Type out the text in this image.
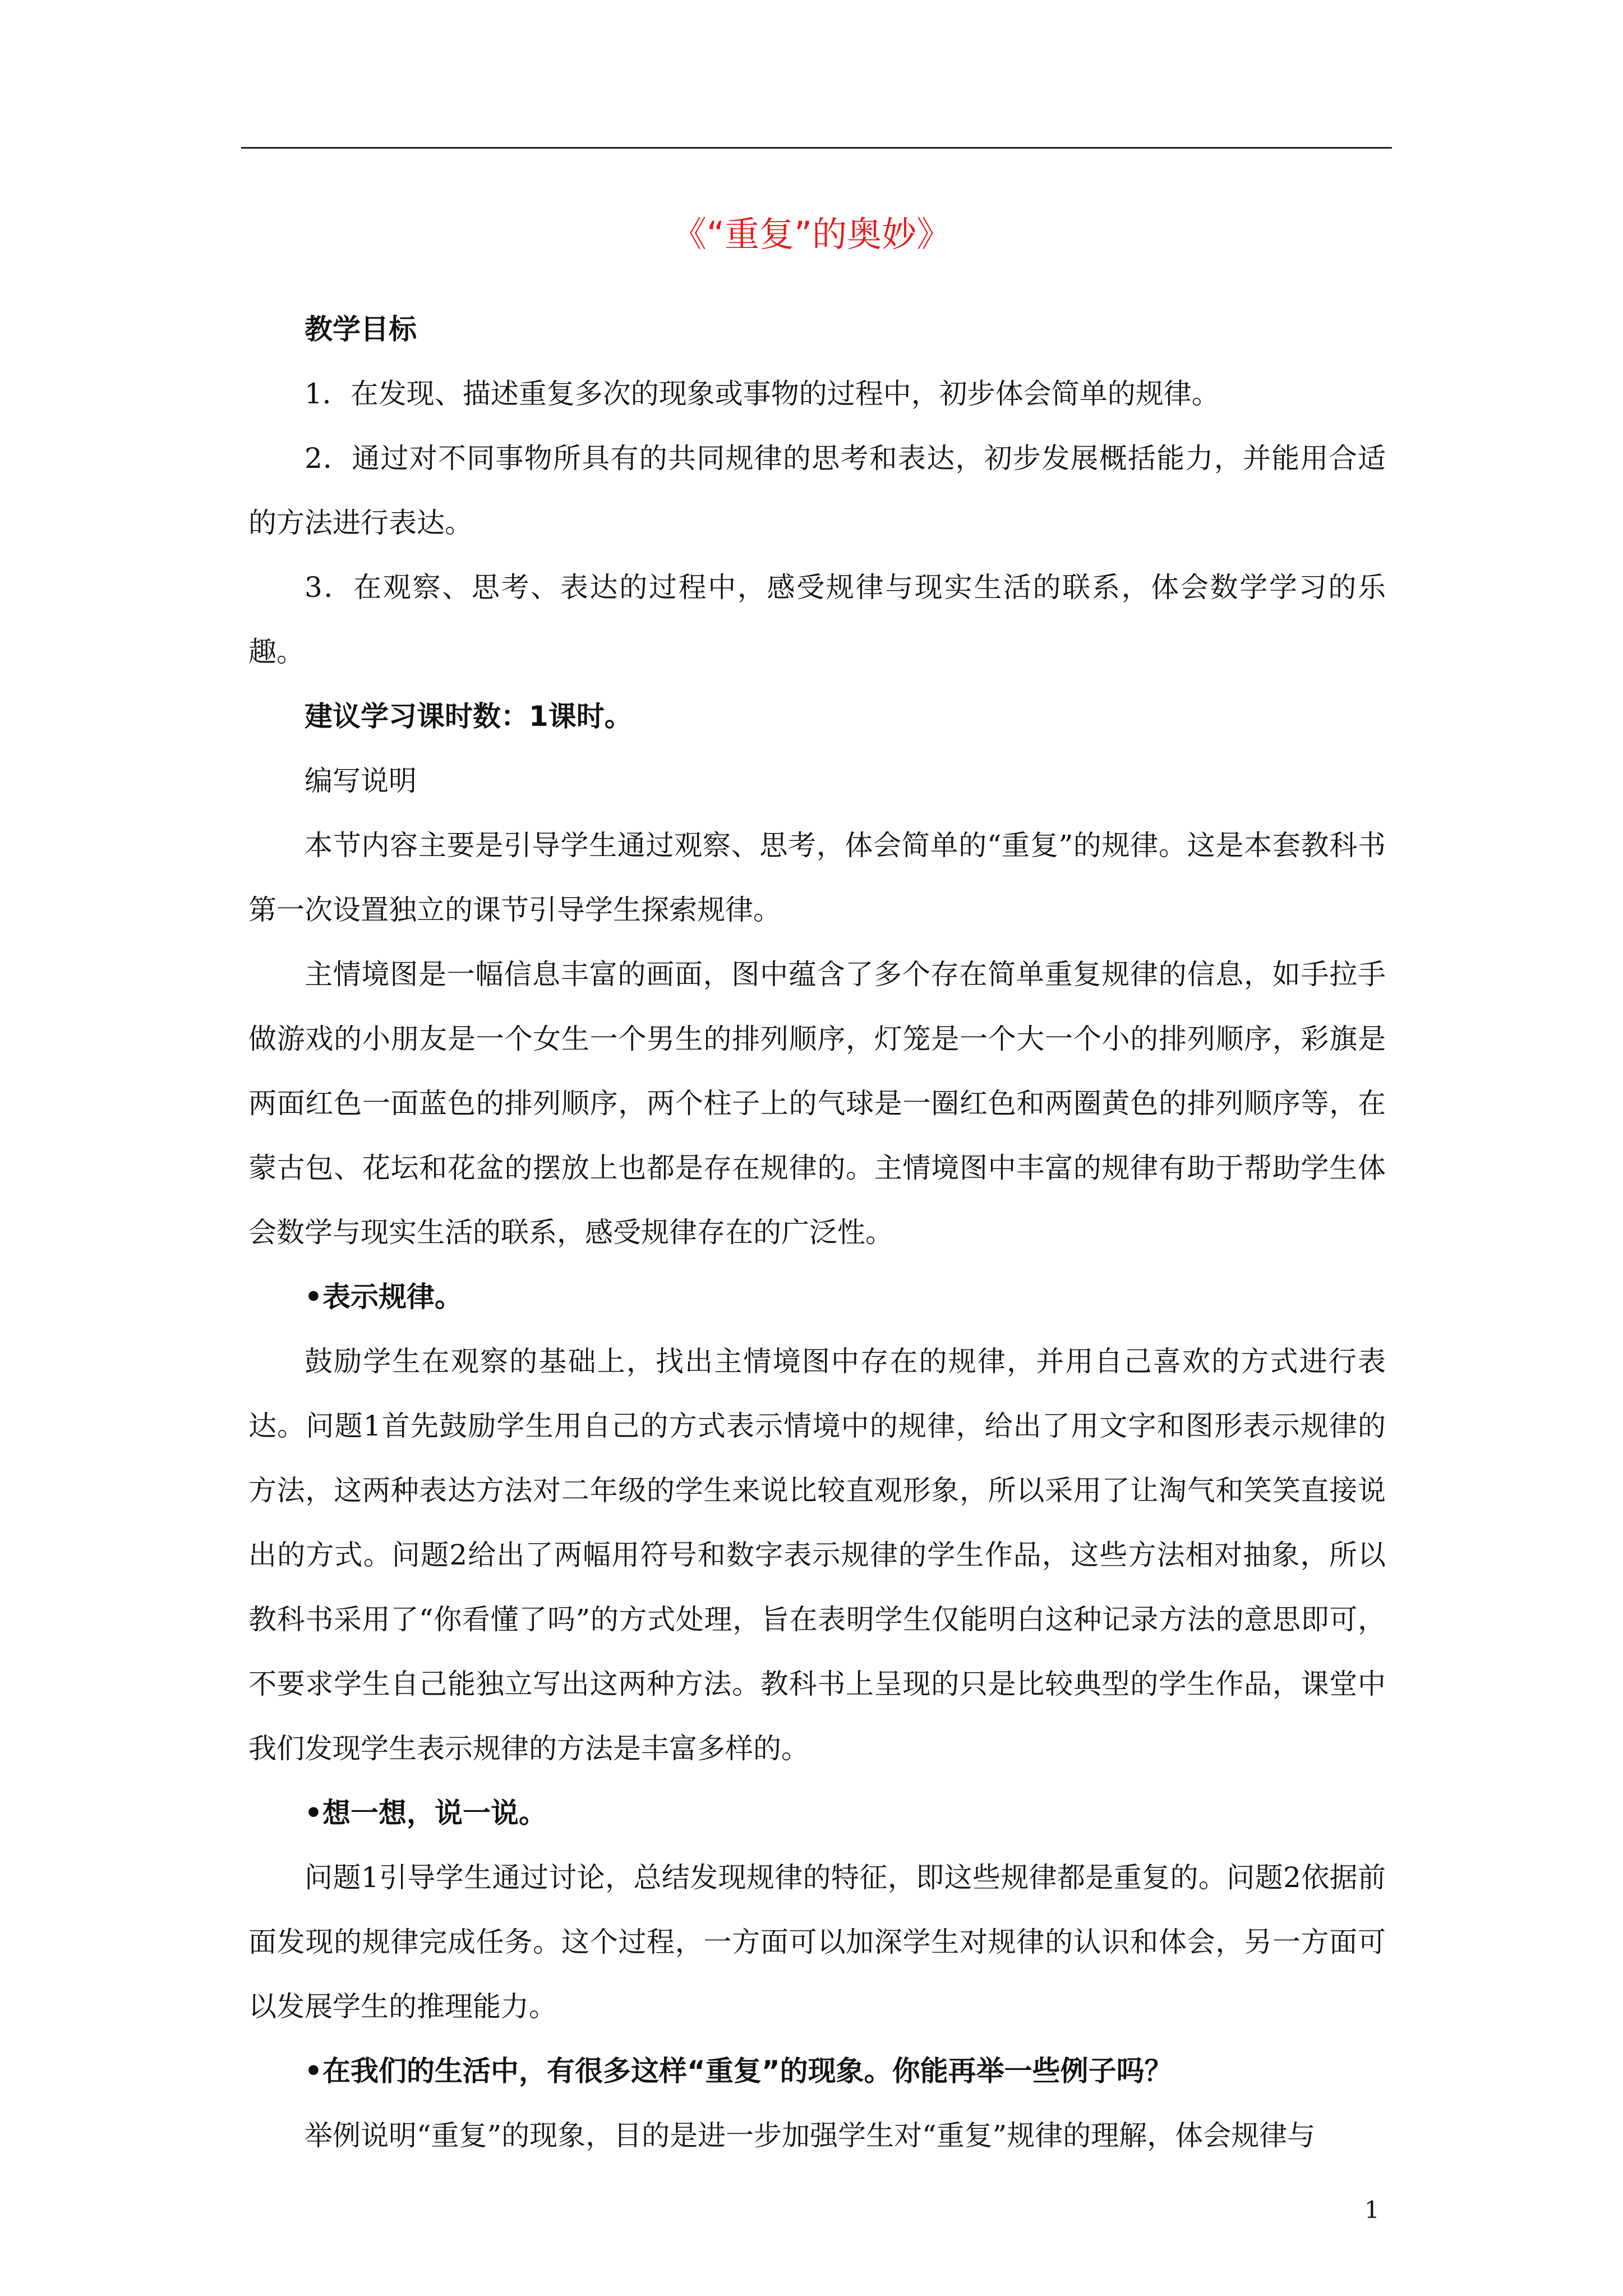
《“重复”的奥妙》

教学目标

1．在发现、描述重复多次的现象或事物的过程中，初步体会简单的规律。

2．通过对不同事物所具有的共同规律的思考和表达，初步发展概括能力，并能用合适的方法进行表达。

3．在观察、思考、表达的过程中，感受规律与现实生活的联系，体会数学学习的乐趣。

建议学习课时数：1课时。

编写说明

本节内容主要是引导学生通过观察、思考，体会简单的“重复”的规律。这是本套教科书第一次设置独立的课节引导学生探索规律。

主情境图是一幅信息丰富的画面，图中蕴含了多个存在简单重复规律的信息，如手拉手做游戏的小朋友是一个女生一个男生的排列顺序，灯笼是一个大一个小的排列顺序，彩旗是两面红色一面蓝色的排列顺序，两个柱子上的气球是一圈红色和两圈黄色的排列顺序等，在蒙古包、花坛和花盆的摆放上也都是存在规律的。主情境图中丰富的规律有助于帮助学生体会数学与现实生活的联系，感受规律存在的广泛性。

•表示规律。

鼓励学生在观察的基础上，找出主情境图中存在的规律，并用自己喜欢的方式进行表达。问题1首先鼓励学生用自己的方式表示情境中的规律，给出了用文字和图形表示规律的方法，这两种表达方法对二年级的学生来说比较直观形象，所以采用了让淘气和笑笑直接说出的方式。问题2给出了两幅用符号和数字表示规律的学生作品，这些方法相对抽象，所以教科书采用了“你看懂了吗”的方式处理，旨在表明学生仅能明白这种记录方法的意思即可，不要求学生自己能独立写出这两种方法。教科书上呈现的只是比较典型的学生作品，课堂中我们发现学生表示规律的方法是丰富多样的。

•想一想，说一说。

问题1引导学生通过讨论，总结发现规律的特征，即这些规律都是重复的。问题2依据前面发现的规律完成任务。这个过程，一方面可以加深学生对规律的认识和体会，另一方面可以发展学生的推理能力。

•在我们的生活中，有很多这样“重复”的现象。你能再举一些例子吗？

举例说明“重复”的现象，目的是进一步加强学生对“重复”规律的理解，体会规律与

1
